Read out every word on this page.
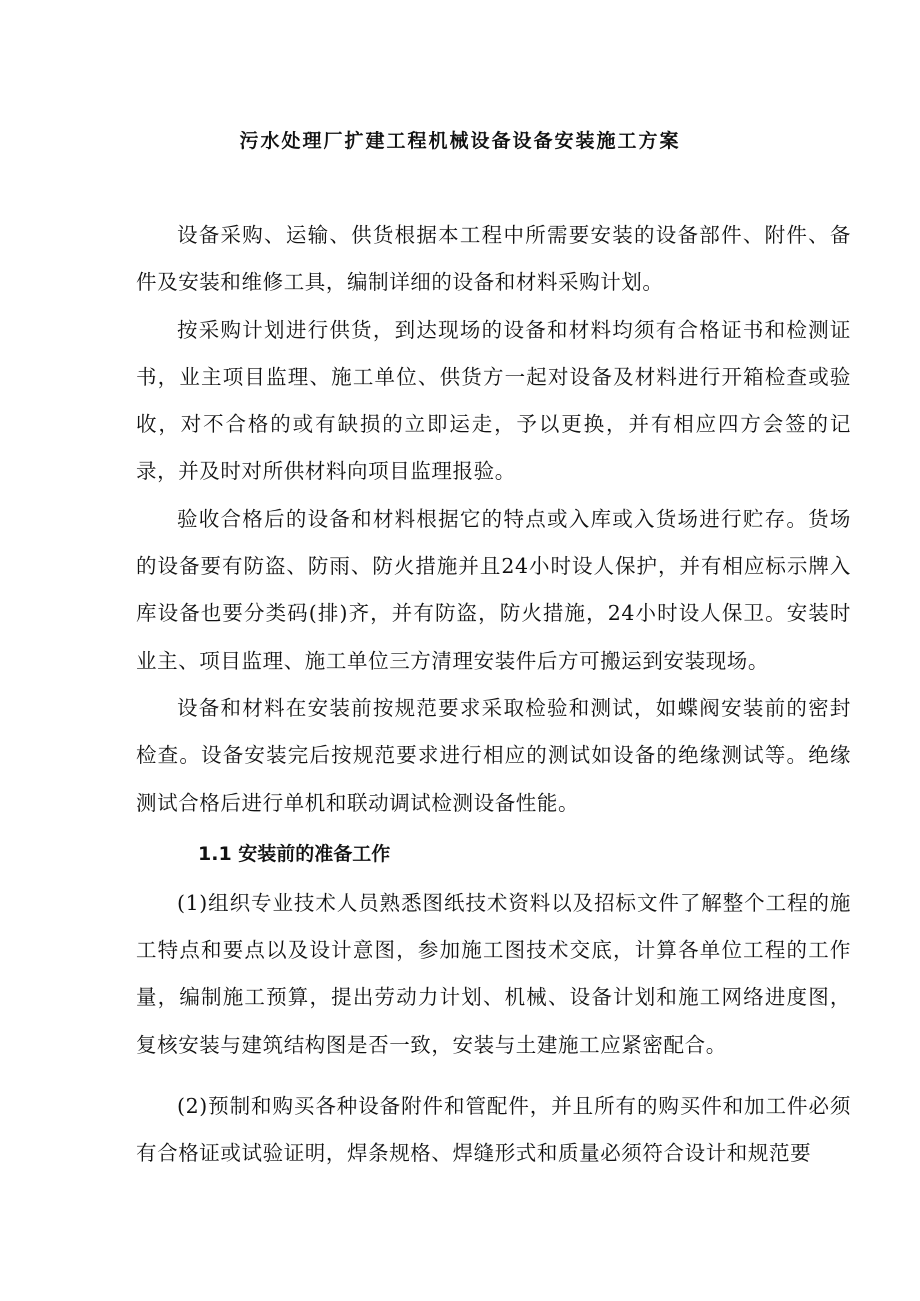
污水处理厂扩建工程机械设备设备安装施工方案

设备采购、运输、供货根据本工程中所需要安装的设备部件、附件、备件及安装和维修工具，编制详细的设备和材料采购计划。

按采购计划进行供货，到达现场的设备和材料均须有合格证书和检测证书，业主项目监理、施工单位、供货方一起对设备及材料进行开箱检查或验收，对不合格的或有缺损的立即运走，予以更换，并有相应四方会签的记录，并及时对所供材料向项目监理报验。

验收合格后的设备和材料根据它的特点或入库或入货场进行贮存。货场的设备要有防盗、防雨、防火措施并且24小时设人保护，并有相应标示牌入库设备也要分类码(排)齐，并有防盗，防火措施，24小时设人保卫。安装时业主、项目监理、施工单位三方清理安装件后方可搬运到安装现场。

设备和材料在安装前按规范要求采取检验和测试，如蝶阀安装前的密封检查。设备安装完后按规范要求进行相应的测试如设备的绝缘测试等。绝缘测试合格后进行单机和联动调试检测设备性能。

1.1 安装前的准备工作

(1)组织专业技术人员熟悉图纸技术资料以及招标文件了解整个工程的施工特点和要点以及设计意图，参加施工图技术交底，计算各单位工程的工作量，编制施工预算，提出劳动力计划、机械、设备计划和施工网络进度图，复核安装与建筑结构图是否一致，安装与土建施工应紧密配合。

(2)预制和购买各种设备附件和管配件，并且所有的购买件和加工件必须有合格证或试验证明，焊条规格、焊缝形式和质量必须符合设计和规范要
